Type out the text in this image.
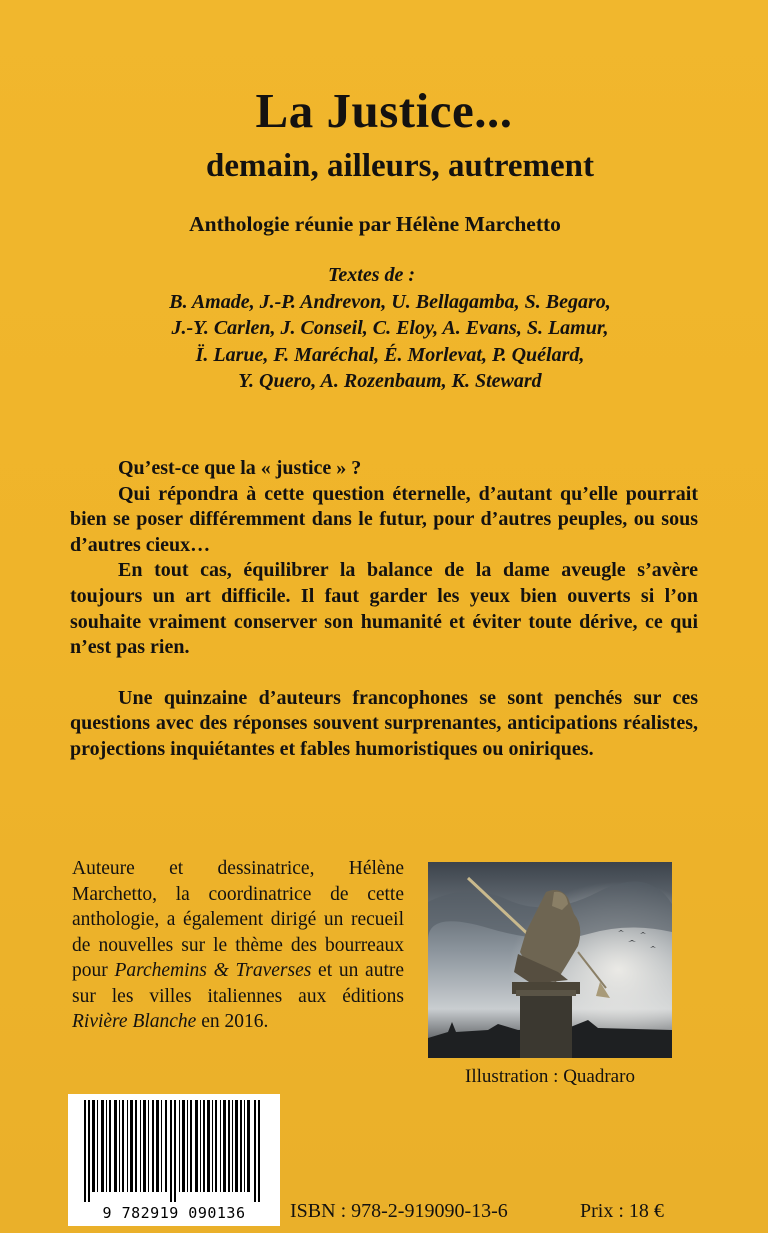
La Justice...
demain, ailleurs, autrement
Anthologie réunie par Hélène Marchetto
Textes de :
B. Amade, J.-P. Andrevon, U. Bellagamba, S. Begaro,
J.-Y. Carlen, J. Conseil, C. Eloy, A. Evans, S. Lamur,
Ï. Larue, F. Maréchal, É. Morlevat, P. Quélard,
Y. Quero, A. Rozenbaum, K. Steward

Qu’est-ce que la « justice » ?

Qui répondra à cette question éternelle, d’autant qu’elle pourrait bien se poser différemment dans le futur, pour d’autres peuples, ou sous d’autres cieux…

En tout cas, équilibrer la balance de la dame aveugle s’avère toujours un art difficile. Il faut garder les yeux bien ouverts si l’on souhaite vraiment conserver son humanité et éviter toute dérive, ce qui n’est pas rien.

Une quinzaine d’auteurs francophones se sont penchés sur ces questions avec des réponses souvent surprenantes, anticipations réalistes, projections inquiétantes et fables humoristiques ou oniriques.

Auteure et dessinatrice, Hélène Marchetto, la coordinatrice de cette anthologie, a également dirigé un recueil de nouvelles sur le thème des bourreaux pour Parchemins & Traverses et un autre sur les villes italiennes aux éditions Rivière Blanche en 2016.
Illustration : Quadraro
9 782919 090136	ISBN : 978-2-919090-13-6	Prix : 18 €
